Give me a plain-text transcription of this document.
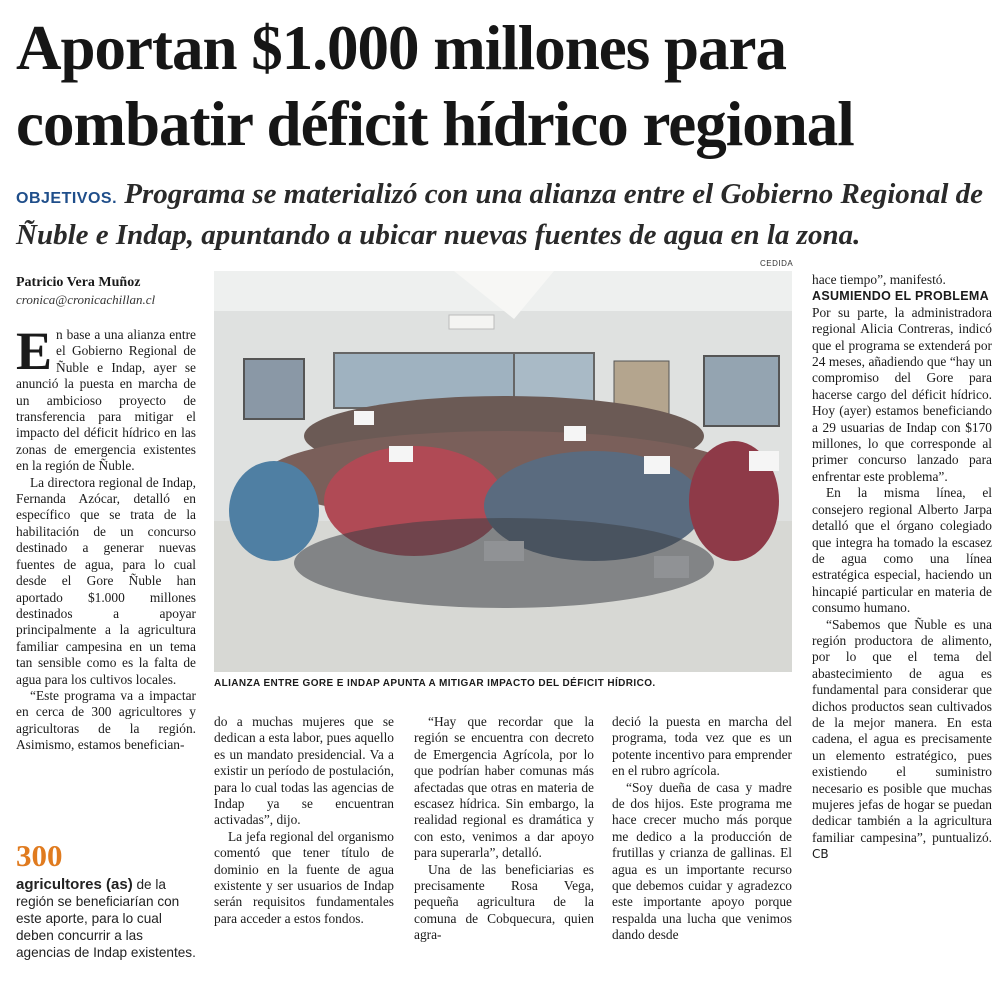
Aportan $1.000 millones para combatir déficit hídrico regional

OBJETIVOS. Programa se materializó con una alianza entre el Gobierno Regional de Ñuble e Indap, apuntando a ubicar nuevas fuentes de agua en la zona.

Patricio Vera Muñoz
cronica@cronicachillan.cl

En base a una alianza entre el Gobierno Regional de Ñuble e Indap, ayer se anunció la puesta en marcha de un ambicioso proyecto de transferencia para mitigar el impacto del déficit hídrico en las zonas de emergencia existentes en la región de Ñuble.

La directora regional de Indap, Fernanda Azócar, detalló en específico que se trata de la habilitación de un concurso destinado a generar nuevas fuentes de agua, para lo cual desde el Gore Ñuble han aportado $1.000 millones destinados a apoyar principalmente a la agricultura familiar campesina en un tema tan sensible como es la falta de agua para los cultivos locales.

“Este programa va a impactar en cerca de 300 agricultores y agricultoras de la región. Asimismo, estamos benefician-

CEDIDA
ALIANZA ENTRE GORE E INDAP APUNTA A MITIGAR IMPACTO DEL DÉFICIT HÍDRICO.
300

agricultores (as) de la región se beneficiarían con este aporte, para lo cual deben concurrir a las agencias de Indap existentes.

do a muchas mujeres que se dedican a esta labor, pues aquello es un mandato presidencial. Va a existir un período de postulación, para lo cual todas las agencias de Indap ya se encuentran activadas”, dijo.

La jefa regional del organismo comentó que tener título de dominio en la fuente de agua existente y ser usuarios de Indap serán requisitos fundamentales para acceder a estos fondos.

“Hay que recordar que la región se encuentra con decreto de Emergencia Agrícola, por lo que podrían haber comunas más afectadas que otras en materia de escasez hídrica. Sin embargo, la realidad regional es dramática y con esto, venimos a dar apoyo para superarla”, detalló.

Una de las beneficiarias es precisamente Rosa Vega, pequeña agricultura de la comuna de Cobquecura, quien agra-

deció la puesta en marcha del programa, toda vez que es un potente incentivo para emprender en el rubro agrícola.

“Soy dueña de casa y madre de dos hijos. Este programa me hace crecer mucho más porque me dedico a la producción de frutillas y crianza de gallinas. El agua es un importante recurso que debemos cuidar y agradezco este importante apoyo porque respalda una lucha que venimos dando desde

hace tiempo”, manifestó.

ASUMIENDO EL PROBLEMA

Por su parte, la administradora regional Alicia Contreras, indicó que el programa se extenderá por 24 meses, añadiendo que “hay un compromiso del Gore para hacerse cargo del déficit hídrico. Hoy (ayer) estamos beneficiando a 29 usuarias de Indap con $170 millones, lo que corresponde al primer concurso lanzado para enfrentar este problema”.

En la misma línea, el consejero regional Alberto Jarpa detalló que el órgano colegiado que integra ha tomado la escasez de agua como una línea estratégica especial, haciendo un hincapié particular en materia de consumo humano.

“Sabemos que Ñuble es una región productora de alimento, por lo que el tema del abastecimiento de agua es fundamental para considerar que dichos productos sean cultivados de la mejor manera. En esta cadena, el agua es precisamente un elemento estratégico, pues existiendo el suministro necesario es posible que muchas mujeres jefas de hogar se puedan dedicar también a la agricultura familiar campesina”, puntualizó. CB
